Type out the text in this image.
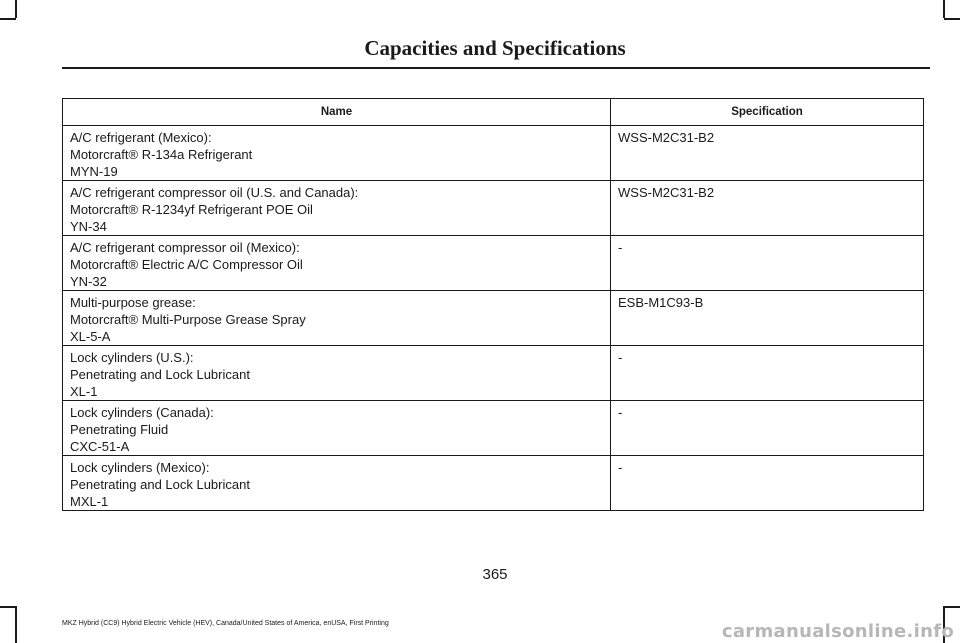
Capacities and Specifications
Name	Specification

A/C refrigerant (Mexico):
Motorcraft® R-134a Refrigerant
MYN-19	WSS-M2C31-B2

A/C refrigerant compressor oil (U.S. and Canada):
Motorcraft® R-1234yf Refrigerant POE Oil
YN-34	WSS-M2C31-B2

A/C refrigerant compressor oil (Mexico):
Motorcraft® Electric A/C Compressor Oil
YN-32	-

Multi-purpose grease:
Motorcraft® Multi-Purpose Grease Spray
XL-5-A	ESB-M1C93-B

Lock cylinders (U.S.):
Penetrating and Lock Lubricant
XL-1	-

Lock cylinders (Canada):
Penetrating Fluid
CXC-51-A	-

Lock cylinders (Mexico):
Penetrating and Lock Lubricant
MXL-1	-
365
MKZ Hybrid (CC9) Hybrid Electric Vehicle (HEV), Canada/United States of America, enUSA, First Printing	carmanualsonline.info
